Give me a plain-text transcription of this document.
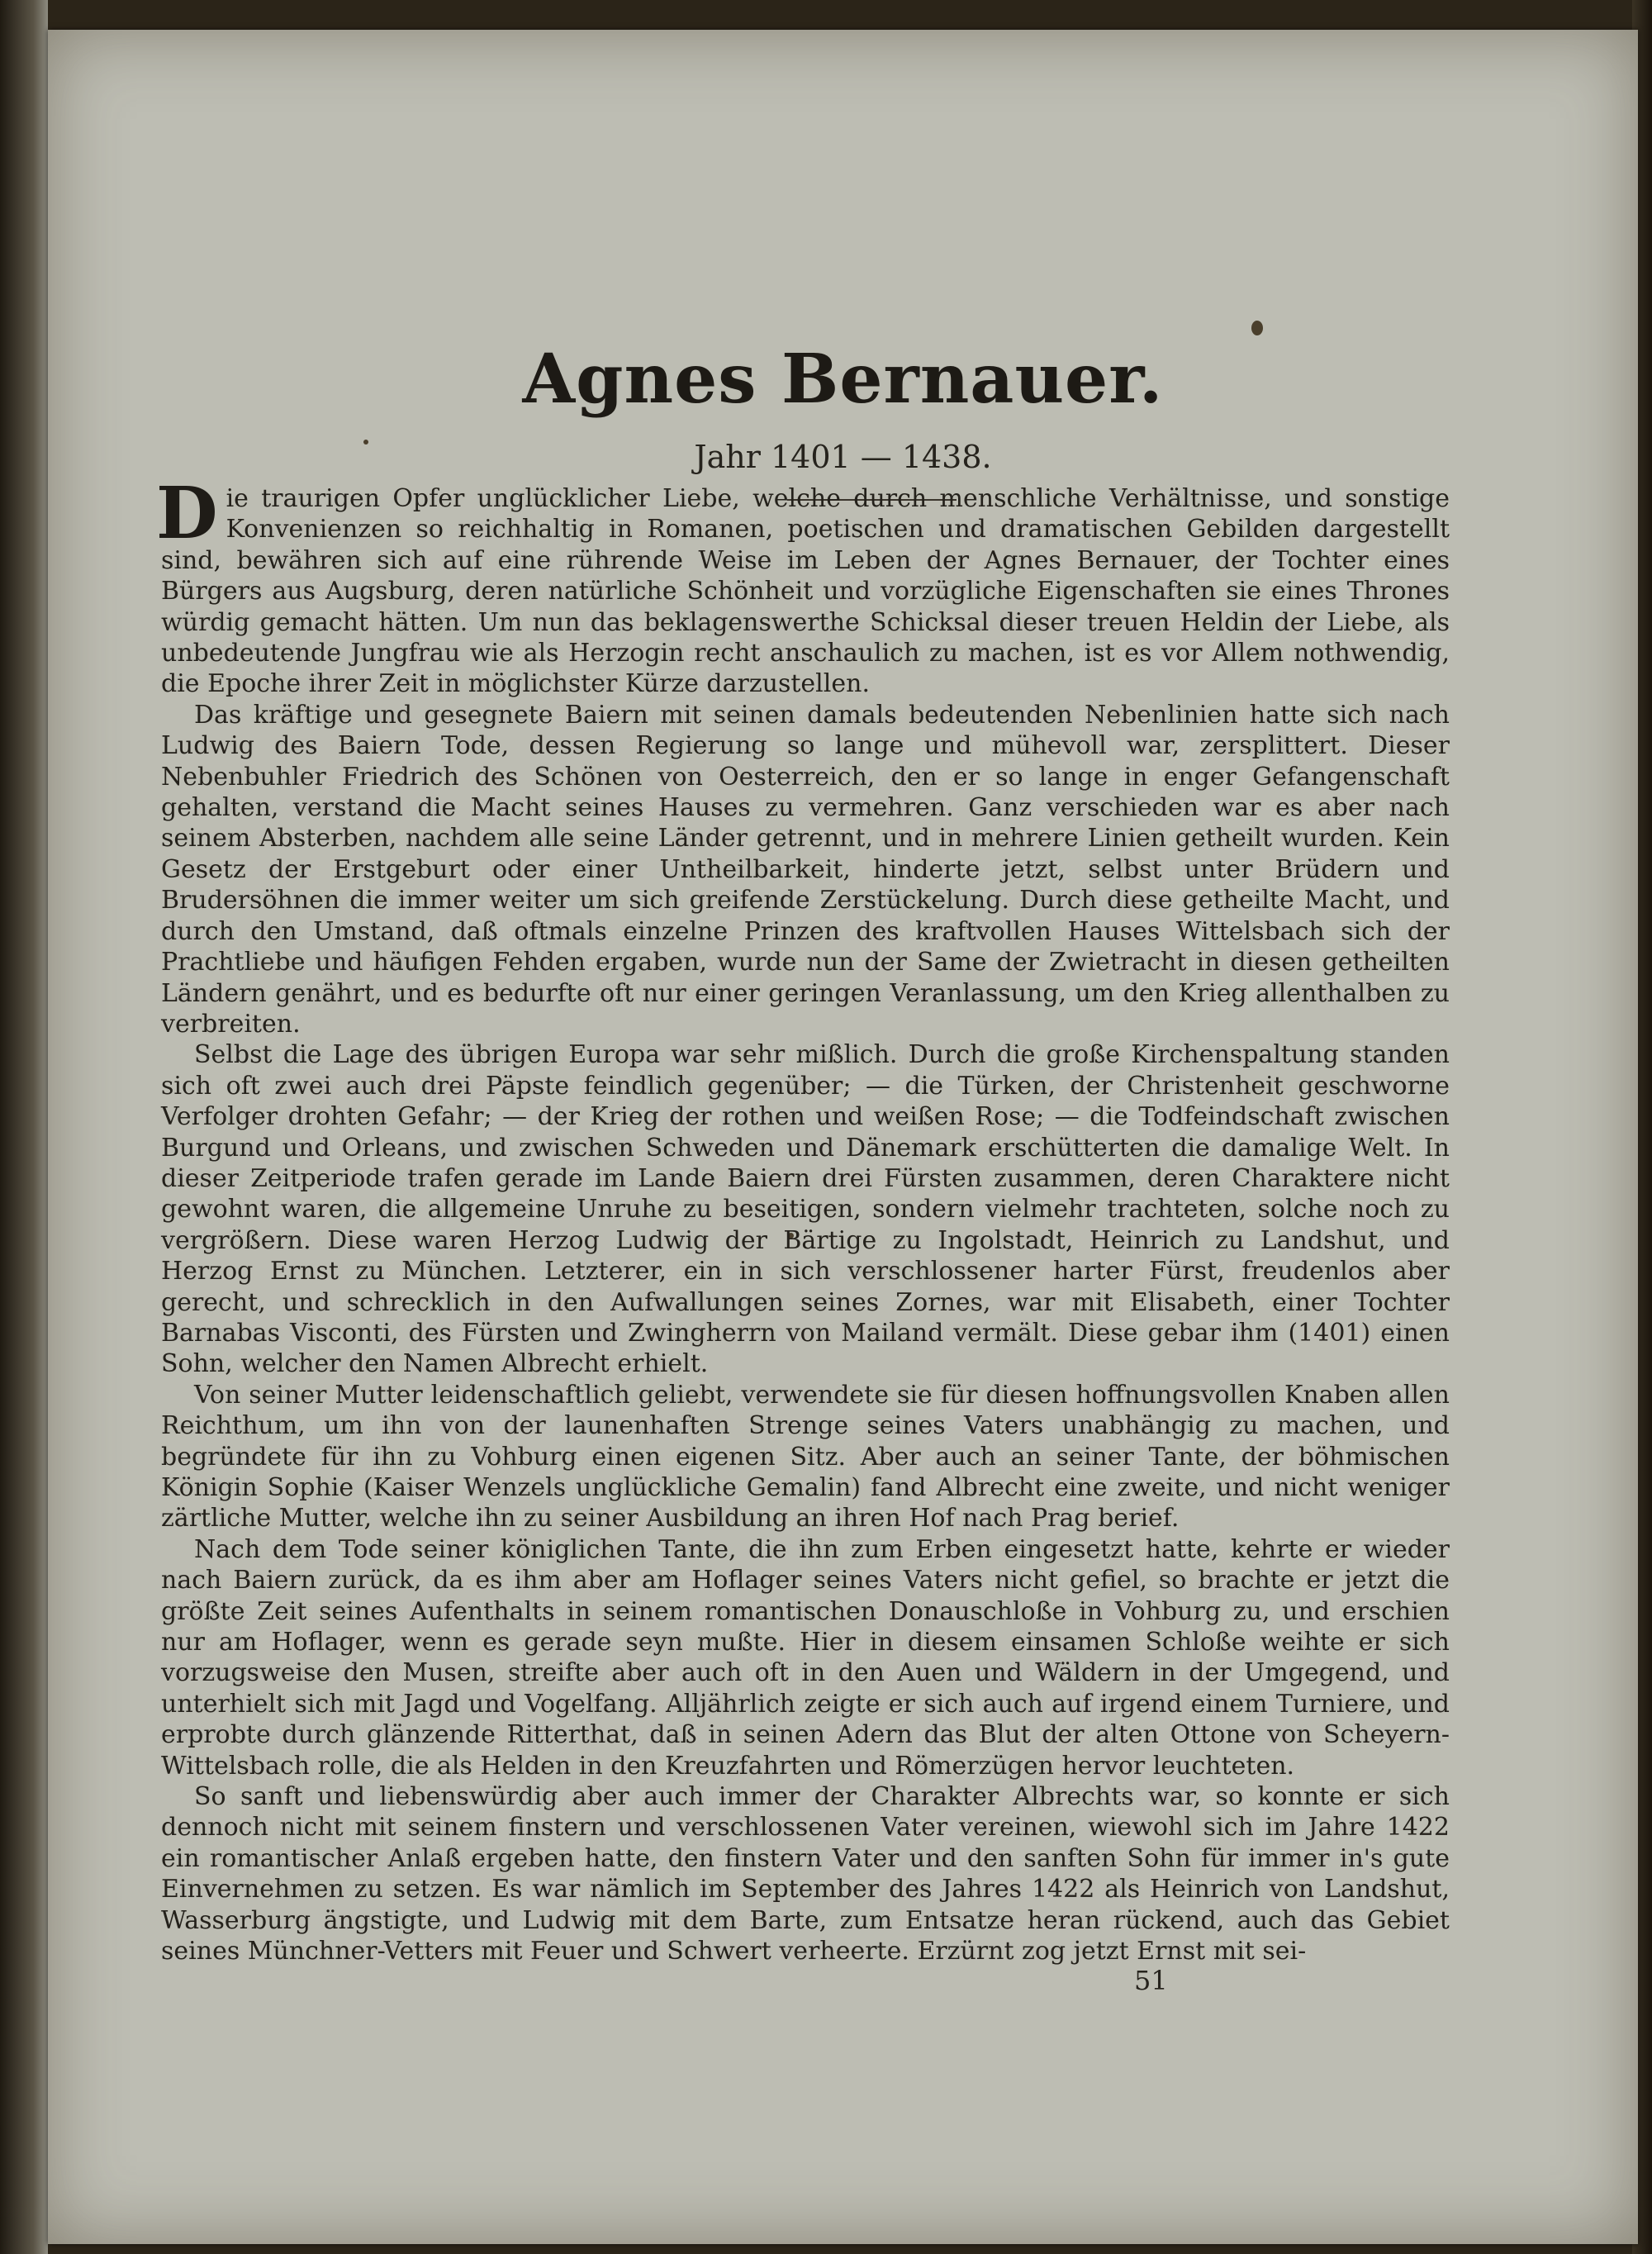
Agnes Bernauer.
Jahr 1401 — 1438.
51

Die traurigen Opfer unglücklicher Liebe, welche durch menschliche Verhältnisse, und sonstige Konvenienzen so reichhaltig in Romanen, poetischen und dramatischen Gebilden dargestellt sind, bewähren sich auf eine rührende Weise im Leben der Agnes Bernauer, der Tochter eines Bürgers aus Augsburg, deren natürliche Schönheit und vorzügliche Eigenschaften sie eines Thrones würdig gemacht hätten. Um nun das beklagenswerthe Schicksal dieser treuen Heldin der Liebe, als unbedeutende Jungfrau wie als Herzogin recht anschaulich zu machen, ist es vor Allem nothwendig, die Epoche ihrer Zeit in möglichster Kürze darzustellen.

Das kräftige und gesegnete Baiern mit seinen damals bedeutenden Nebenlinien hatte sich nach Ludwig des Baiern Tode, dessen Regierung so lange und mühevoll war, zersplittert. Dieser Nebenbuhler Friedrich des Schönen von Oesterreich, den er so lange in enger Gefangenschaft gehalten, verstand die Macht seines Hauses zu vermehren. Ganz verschieden war es aber nach seinem Absterben, nachdem alle seine Länder getrennt, und in mehrere Linien getheilt wurden. Kein Gesetz der Erstgeburt oder einer Untheilbarkeit, hinderte jetzt, selbst unter Brüdern und Brudersöhnen die immer weiter um sich greifende Zerstückelung. Durch diese getheilte Macht, und durch den Umstand, daß oftmals einzelne Prinzen des kraftvollen Hauses Wittelsbach sich der Prachtliebe und häufigen Fehden ergaben, wurde nun der Same der Zwietracht in diesen getheilten Ländern genährt, und es bedurfte oft nur einer geringen Veranlassung, um den Krieg allenthalben zu verbreiten.

Selbst die Lage des übrigen Europa war sehr mißlich. Durch die große Kirchenspaltung standen sich oft zwei auch drei Päpste feindlich gegenüber; — die Türken, der Christenheit geschworne Verfolger drohten Gefahr; — der Krieg der rothen und weißen Rose; — die Todfeindschaft zwischen Burgund und Orleans, und zwischen Schweden und Dänemark erschütterten die damalige Welt. In dieser Zeitperiode trafen gerade im Lande Baiern drei Fürsten zusammen, deren Charaktere nicht gewohnt waren, die allgemeine Unruhe zu beseitigen, sondern vielmehr trachteten, solche noch zu vergrößern. Diese waren Herzog Ludwig der Bärtige zu Ingolstadt, Heinrich zu Landshut, und Herzog Ernst zu München. Letzterer, ein in sich verschlossener harter Fürst, freudenlos aber gerecht, und schrecklich in den Aufwallungen seines Zornes, war mit Elisabeth, einer Tochter Barnabas Visconti, des Fürsten und Zwingherrn von Mailand vermält. Diese gebar ihm (1401) einen Sohn, welcher den Namen Albrecht erhielt.

Von seiner Mutter leidenschaftlich geliebt, verwendete sie für diesen hoffnungsvollen Knaben allen Reichthum, um ihn von der launenhaften Strenge seines Vaters unabhängig zu machen, und begründete für ihn zu Vohburg einen eigenen Sitz. Aber auch an seiner Tante, der böhmischen Königin Sophie (Kaiser Wenzels unglückliche Gemalin) fand Albrecht eine zweite, und nicht weniger zärtliche Mutter, welche ihn zu seiner Ausbildung an ihren Hof nach Prag berief.

Nach dem Tode seiner königlichen Tante, die ihn zum Erben eingesetzt hatte, kehrte er wieder nach Baiern zurück, da es ihm aber am Hoflager seines Vaters nicht gefiel, so brachte er jetzt die größte Zeit seines Aufenthalts in seinem romantischen Donauschloße in Vohburg zu, und erschien nur am Hoflager, wenn es gerade seyn mußte. Hier in diesem einsamen Schloße weihte er sich vorzugsweise den Musen, streifte aber auch oft in den Auen und Wäldern in der Umgegend, und unterhielt sich mit Jagd und Vogelfang. Alljährlich zeigte er sich auch auf irgend einem Turniere, und erprobte durch glänzende Ritterthat, daß in seinen Adern das Blut der alten Ottone von Scheyern-Wittelsbach rolle, die als Helden in den Kreuzfahrten und Römerzügen hervor leuchteten.

So sanft und liebenswürdig aber auch immer der Charakter Albrechts war, so konnte er sich dennoch nicht mit seinem finstern und verschlossenen Vater vereinen, wiewohl sich im Jahre 1422 ein romantischer Anlaß ergeben hatte, den finstern Vater und den sanften Sohn für immer in's gute Einvernehmen zu setzen. Es war nämlich im September des Jahres 1422 als Heinrich von Landshut, Wasserburg ängstigte, und Ludwig mit dem Barte, zum Entsatze heran rückend, auch das Gebiet seines Münchner-Vetters mit Feuer und Schwert verheerte. Erzürnt zog jetzt Ernst mit sei-
